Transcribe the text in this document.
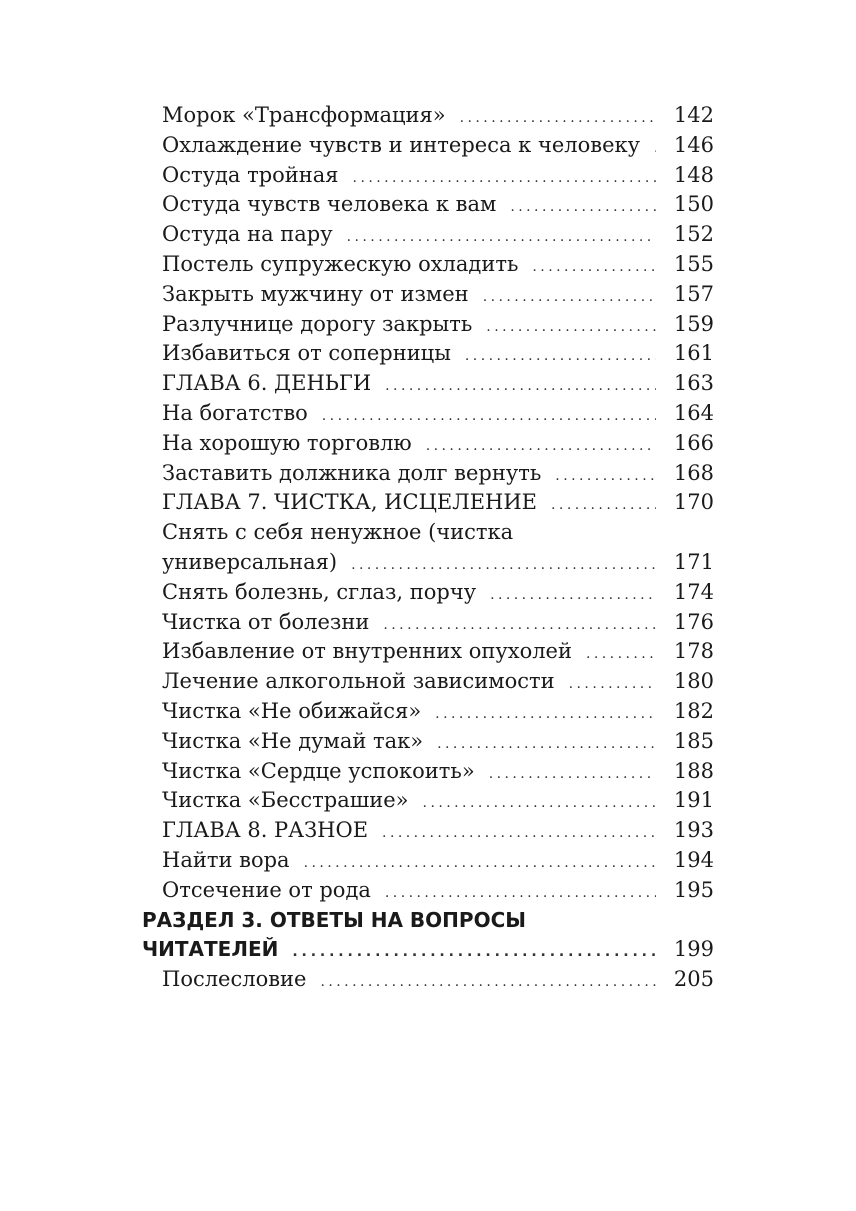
Морок «Трансформация» . . .	142
Охлаждение чувств и интереса к человеку . . . 146
Остуда тройная . . .	148
Остуда чувств человека к вам . . .	150
Остуда на пару . . .	152
Постель супружескую охладить . . .	155
Закрыть мужчину от измен . . .	157
Разлучнице дорогу закрыть . . .	159
Избавиться от соперницы . . .	161
ГЛАВА 6. ДЕНЬГИ . . .	163
На богатство . . .	164
На хорошую торговлю . . .	166
Заставить должника долг вернуть . . .	168
ГЛАВА 7. ЧИСТКА, ИСЦЕЛЕНИЕ . . .	170
Снять с себя ненужное (чистка
универсальная) . . .	171
Снять болезнь, сглаз, порчу . . .	174
Чистка от болезни . . .	176
Избавление от внутренних опухолей . . .	178
Лечение алкогольной зависимости . . .	180
Чистка «Не обижайся» . . .	182
Чистка «Не думай так» . . .	185
Чистка «Сердце успокоить» . . .	188
Чистка «Бесстрашие» . . .	191
ГЛАВА 8. РАЗНОЕ . . .	193
Найти вора . . .	194
Отсечение от рода . . .	195
РАЗДЕЛ 3. ОТВЕТЫ НА ВОПРОСЫ
ЧИТАТЕЛЕЙ . . .	199
Послесловие . . .	205
